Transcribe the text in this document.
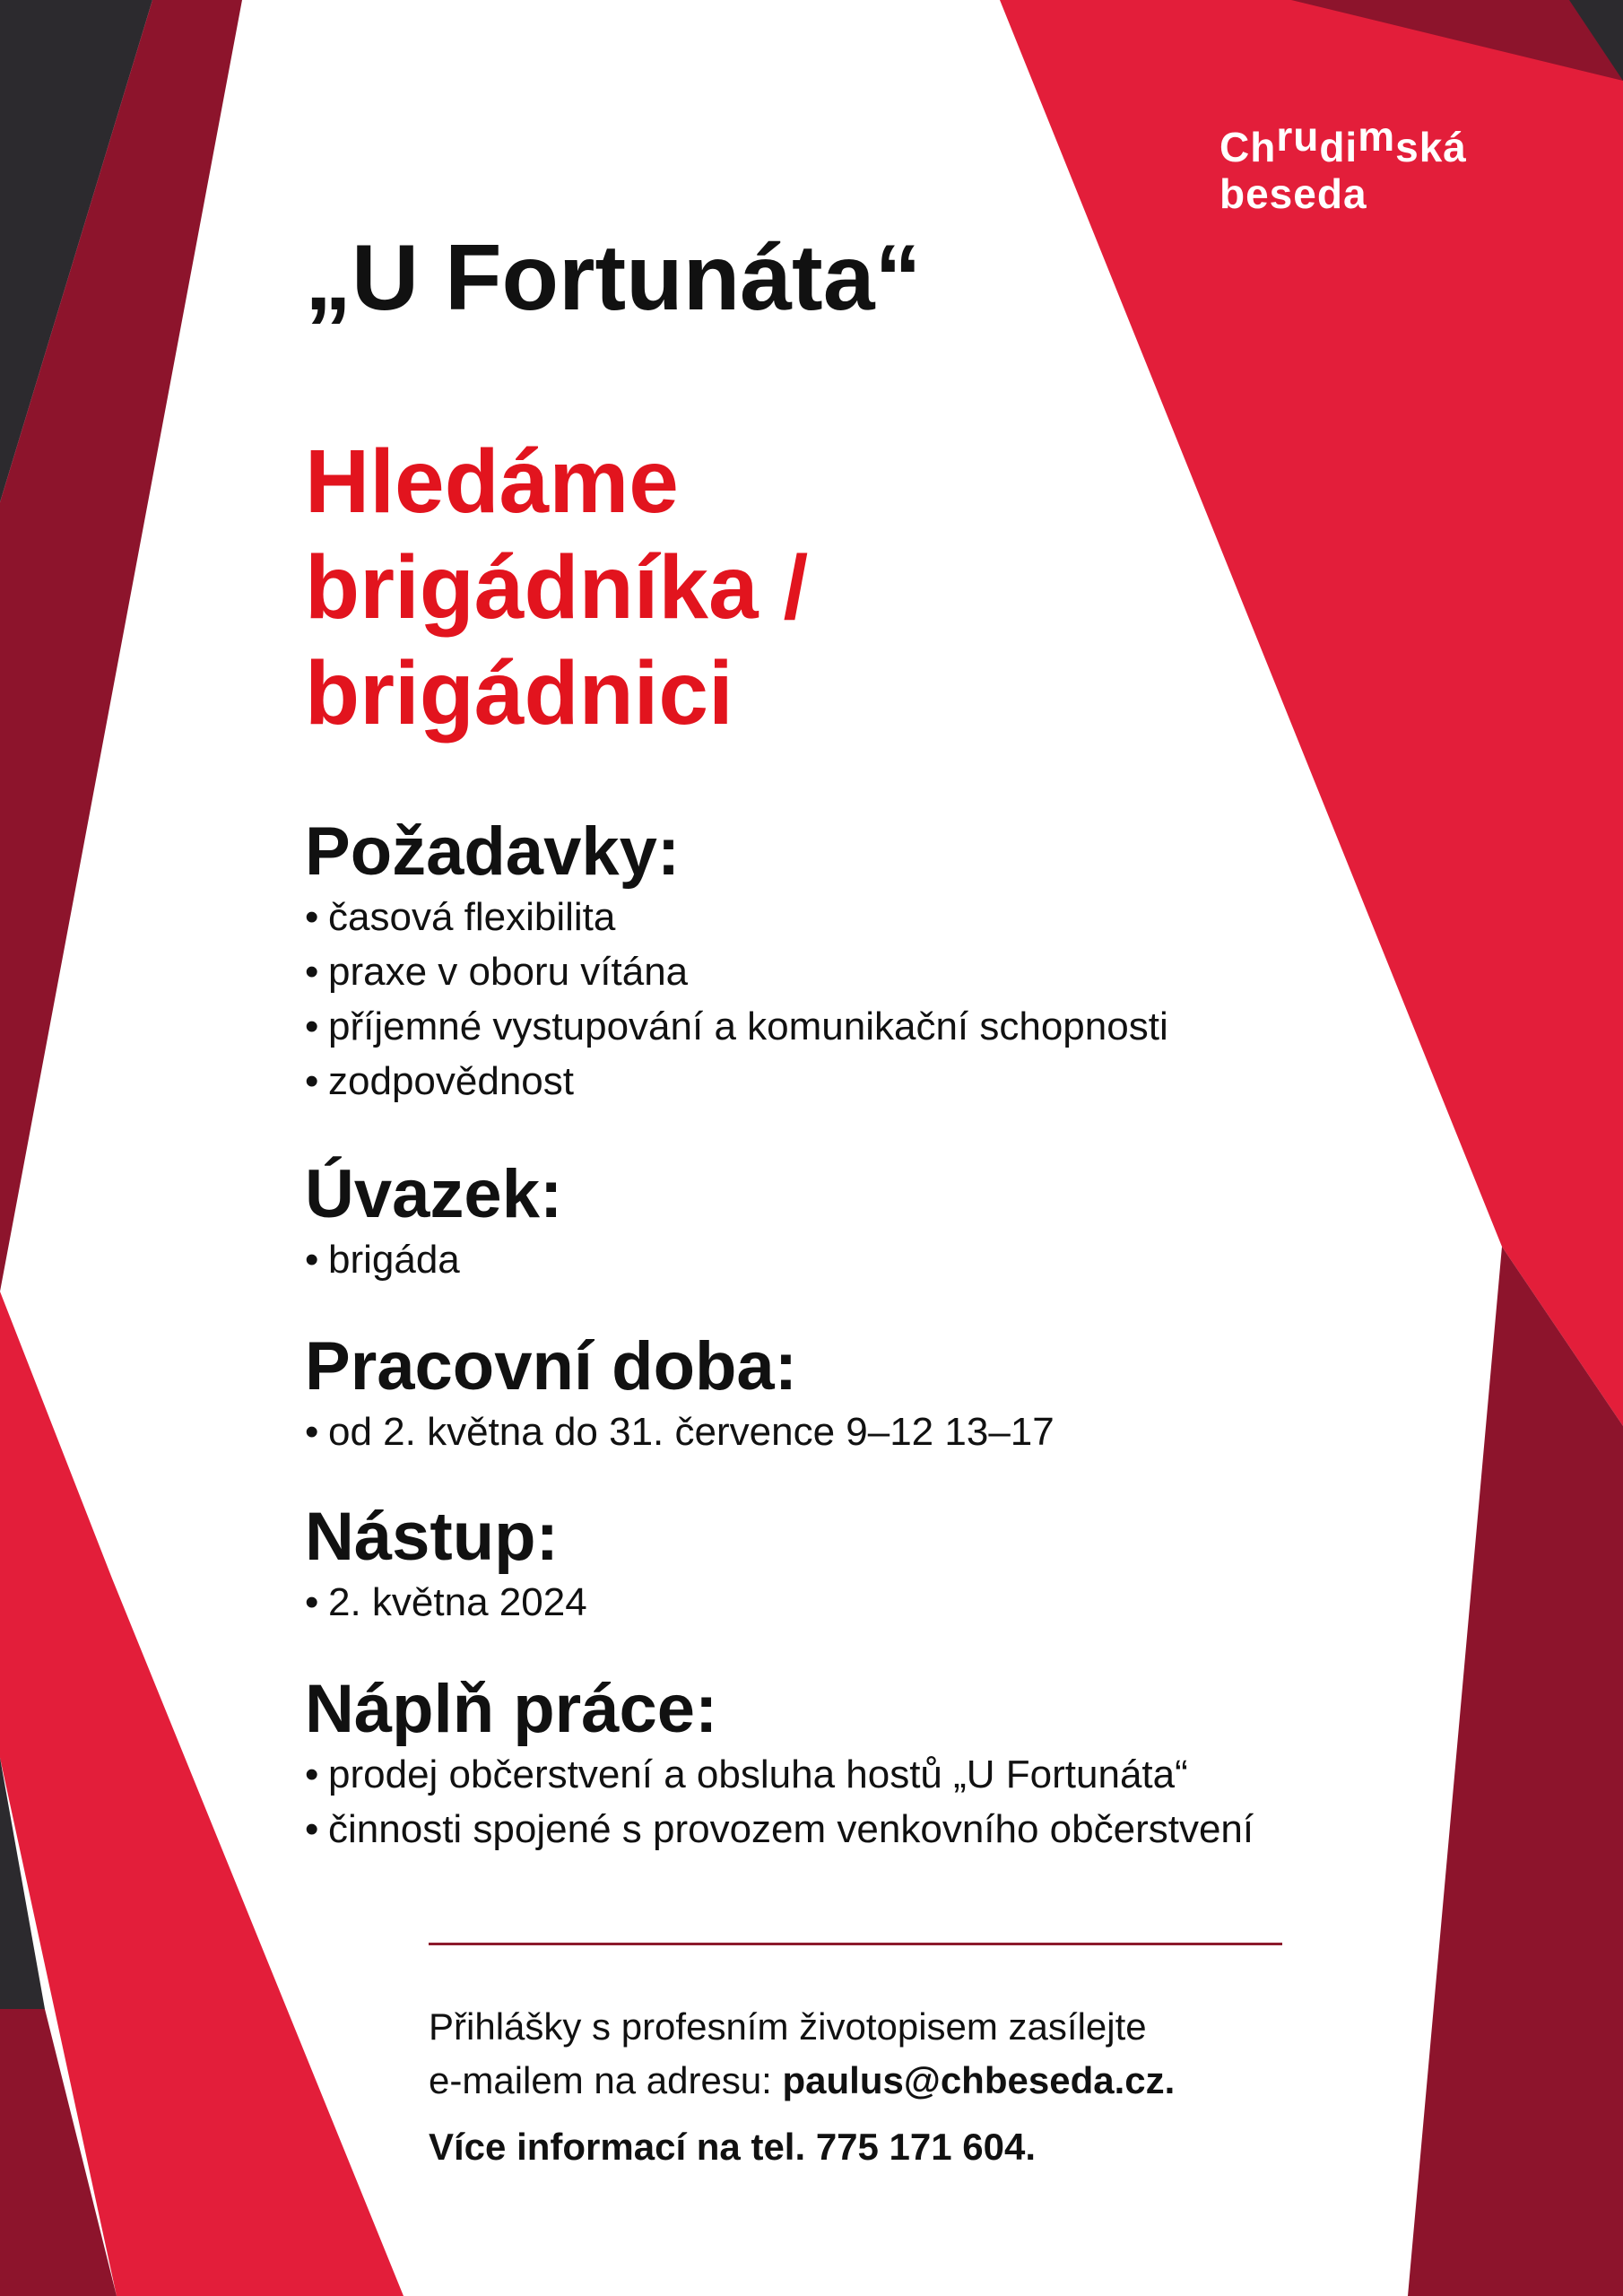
Chrudimská
beseda
„U Fortunáta“
Hledáme
brigádníka /
brigádnici
Požadavky:
• časová flexibilita
• praxe v oboru vítána
• příjemné vystupování a komunikační schopnosti
• zodpovědnost
Úvazek:
• brigáda
Pracovní doba:
• od 2. května do 31. července 9–12 13–17
Nástup:
• 2. května 2024
Náplň práce:
• prodej občerstvení a obsluha hostů „U Fortunáta“
• činnosti spojené s provozem venkovního občerstvení
Přihlášky s profesním životopisem zasílejte
e-mailem na adresu: paulus@chbeseda.cz.
Více informací na tel. 775 171 604.
